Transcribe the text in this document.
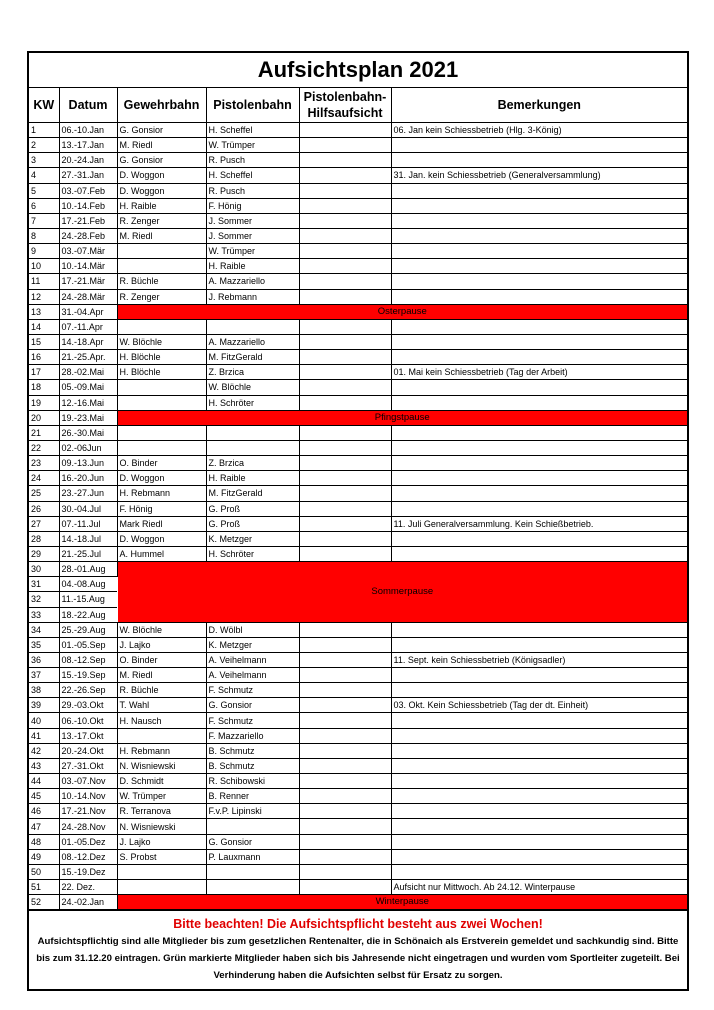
Aufsichtsplan 2021
KW	Datum	Gewehrbahn	Pistolenbahn	Pistolenbahn-
Hilfsaufsicht	Bemerkungen
1	06.-10.Jan	G. Gonsior	H. Scheffel		06. Jan kein Schiessbetrieb (Hlg. 3-König)
2	13.-17.Jan	M. Riedl	W. Trümper		
3	20.-24.Jan	G. Gonsior	R. Pusch		
4	27.-31.Jan	D. Woggon	H. Scheffel		31. Jan. kein Schiessbetrieb (Generalversammlung)
5	03.-07.Feb	D. Woggon	R. Pusch		
6	10.-14.Feb	H. Raible	F. Hönig		
7	17.-21.Feb	R. Zenger	J. Sommer		
8	24.-28.Feb	M. Riedl	J. Sommer		
9	03.-07.Mär		W. Trümper		
10	10.-14.Mär		H. Raible		
11	17.-21.Mär	R. Büchle	A. Mazzariello		
12	24.-28.Mär	R. Zenger	J. Rebmann		
13	31.-04.Apr	Osterpause			
14	07.-11.Apr				
15	14.-18.Apr	W. Blöchle	A. Mazzariello		
16	21.-25.Apr.	H. Blöchle	M. FitzGerald		
17	28.-02.Mai	H. Blöchle	Z. Brzica		01. Mai kein Schiessbetrieb (Tag der Arbeit)
18	05.-09.Mai		W. Blöchle		
19	12.-16.Mai		H. Schröter		
20	19.-23.Mai	Pfingstpause			
21	26.-30.Mai				
22	02.-06Jun				
23	09.-13.Jun	O. Binder	Z. Brzica		
24	16.-20.Jun	D. Woggon	H. Raible		
25	23.-27.Jun	H. Rebmann	M. FitzGerald		
26	30.-04.Jul	F. Hönig	G. Proß		
27	07.-11.Jul	Mark Riedl	G. Proß		11. Juli Generalversammlung. Kein Schießbetrieb.
28	14.-18.Jul	D. Woggon	K. Metzger		
29	21.-25.Jul	A. Hummel	H. Schröter		
30	28.-01.Aug	Sommerpause			
31	04.-08.Aug				
32	11.-15.Aug				
33	18.-22.Aug				
34	25.-29.Aug	W. Blöchle	D. Wölbl		
35	01.-05.Sep	J. Lajko	K. Metzger		
36	08.-12.Sep	O. Binder	A. Veihelmann		11. Sept. kein Schiessbetrieb (Königsadler)
37	15.-19.Sep	M. Riedl	A. Veihelmann		
38	22.-26.Sep	R. Büchle	F. Schmutz		
39	29.-03.Okt	T. Wahl	G. Gonsior		03. Okt. Kein Schiessbetrieb (Tag der dt. Einheit)
40	06.-10.Okt	H. Nausch	F. Schmutz		
41	13.-17.Okt		F. Mazzariello		
42	20.-24.Okt	H. Rebmann	B. Schmutz		
43	27.-31.Okt	N. Wisniewski	B. Schmutz		
44	03.-07.Nov	D. Schmidt	R. Schibowski		
45	10.-14.Nov	W. Trümper	B. Renner		
46	17.-21.Nov	R. Terranova	F.v.P. Lipinski		
47	24.-28.Nov	N. Wisniewski			
48	01.-05.Dez	J. Lajko	G. Gonsior		
49	08.-12.Dez	S. Probst	P. Lauxmann		
50	15.-19.Dez				
51	22. Dez.				Aufsicht nur Mittwoch. Ab 24.12. Winterpause
52	24.-02.Jan	Winterpause			
Bitte beachten! Die Aufsichtspflicht besteht aus zwei Wochen!
Aufsichtspflichtig sind alle Mitglieder bis zum gesetzlichen Rentenalter, die in Schönaich als Erstverein gemeldet und sachkundig sind. Bitte bis zum 31.12.20 eintragen. Grün markierte Mitglieder haben sich bis Jahresende nicht eingetragen und wurden vom Sportleiter zugeteilt. Bei Verhinderung haben die Aufsichten selbst für Ersatz zu sorgen.
